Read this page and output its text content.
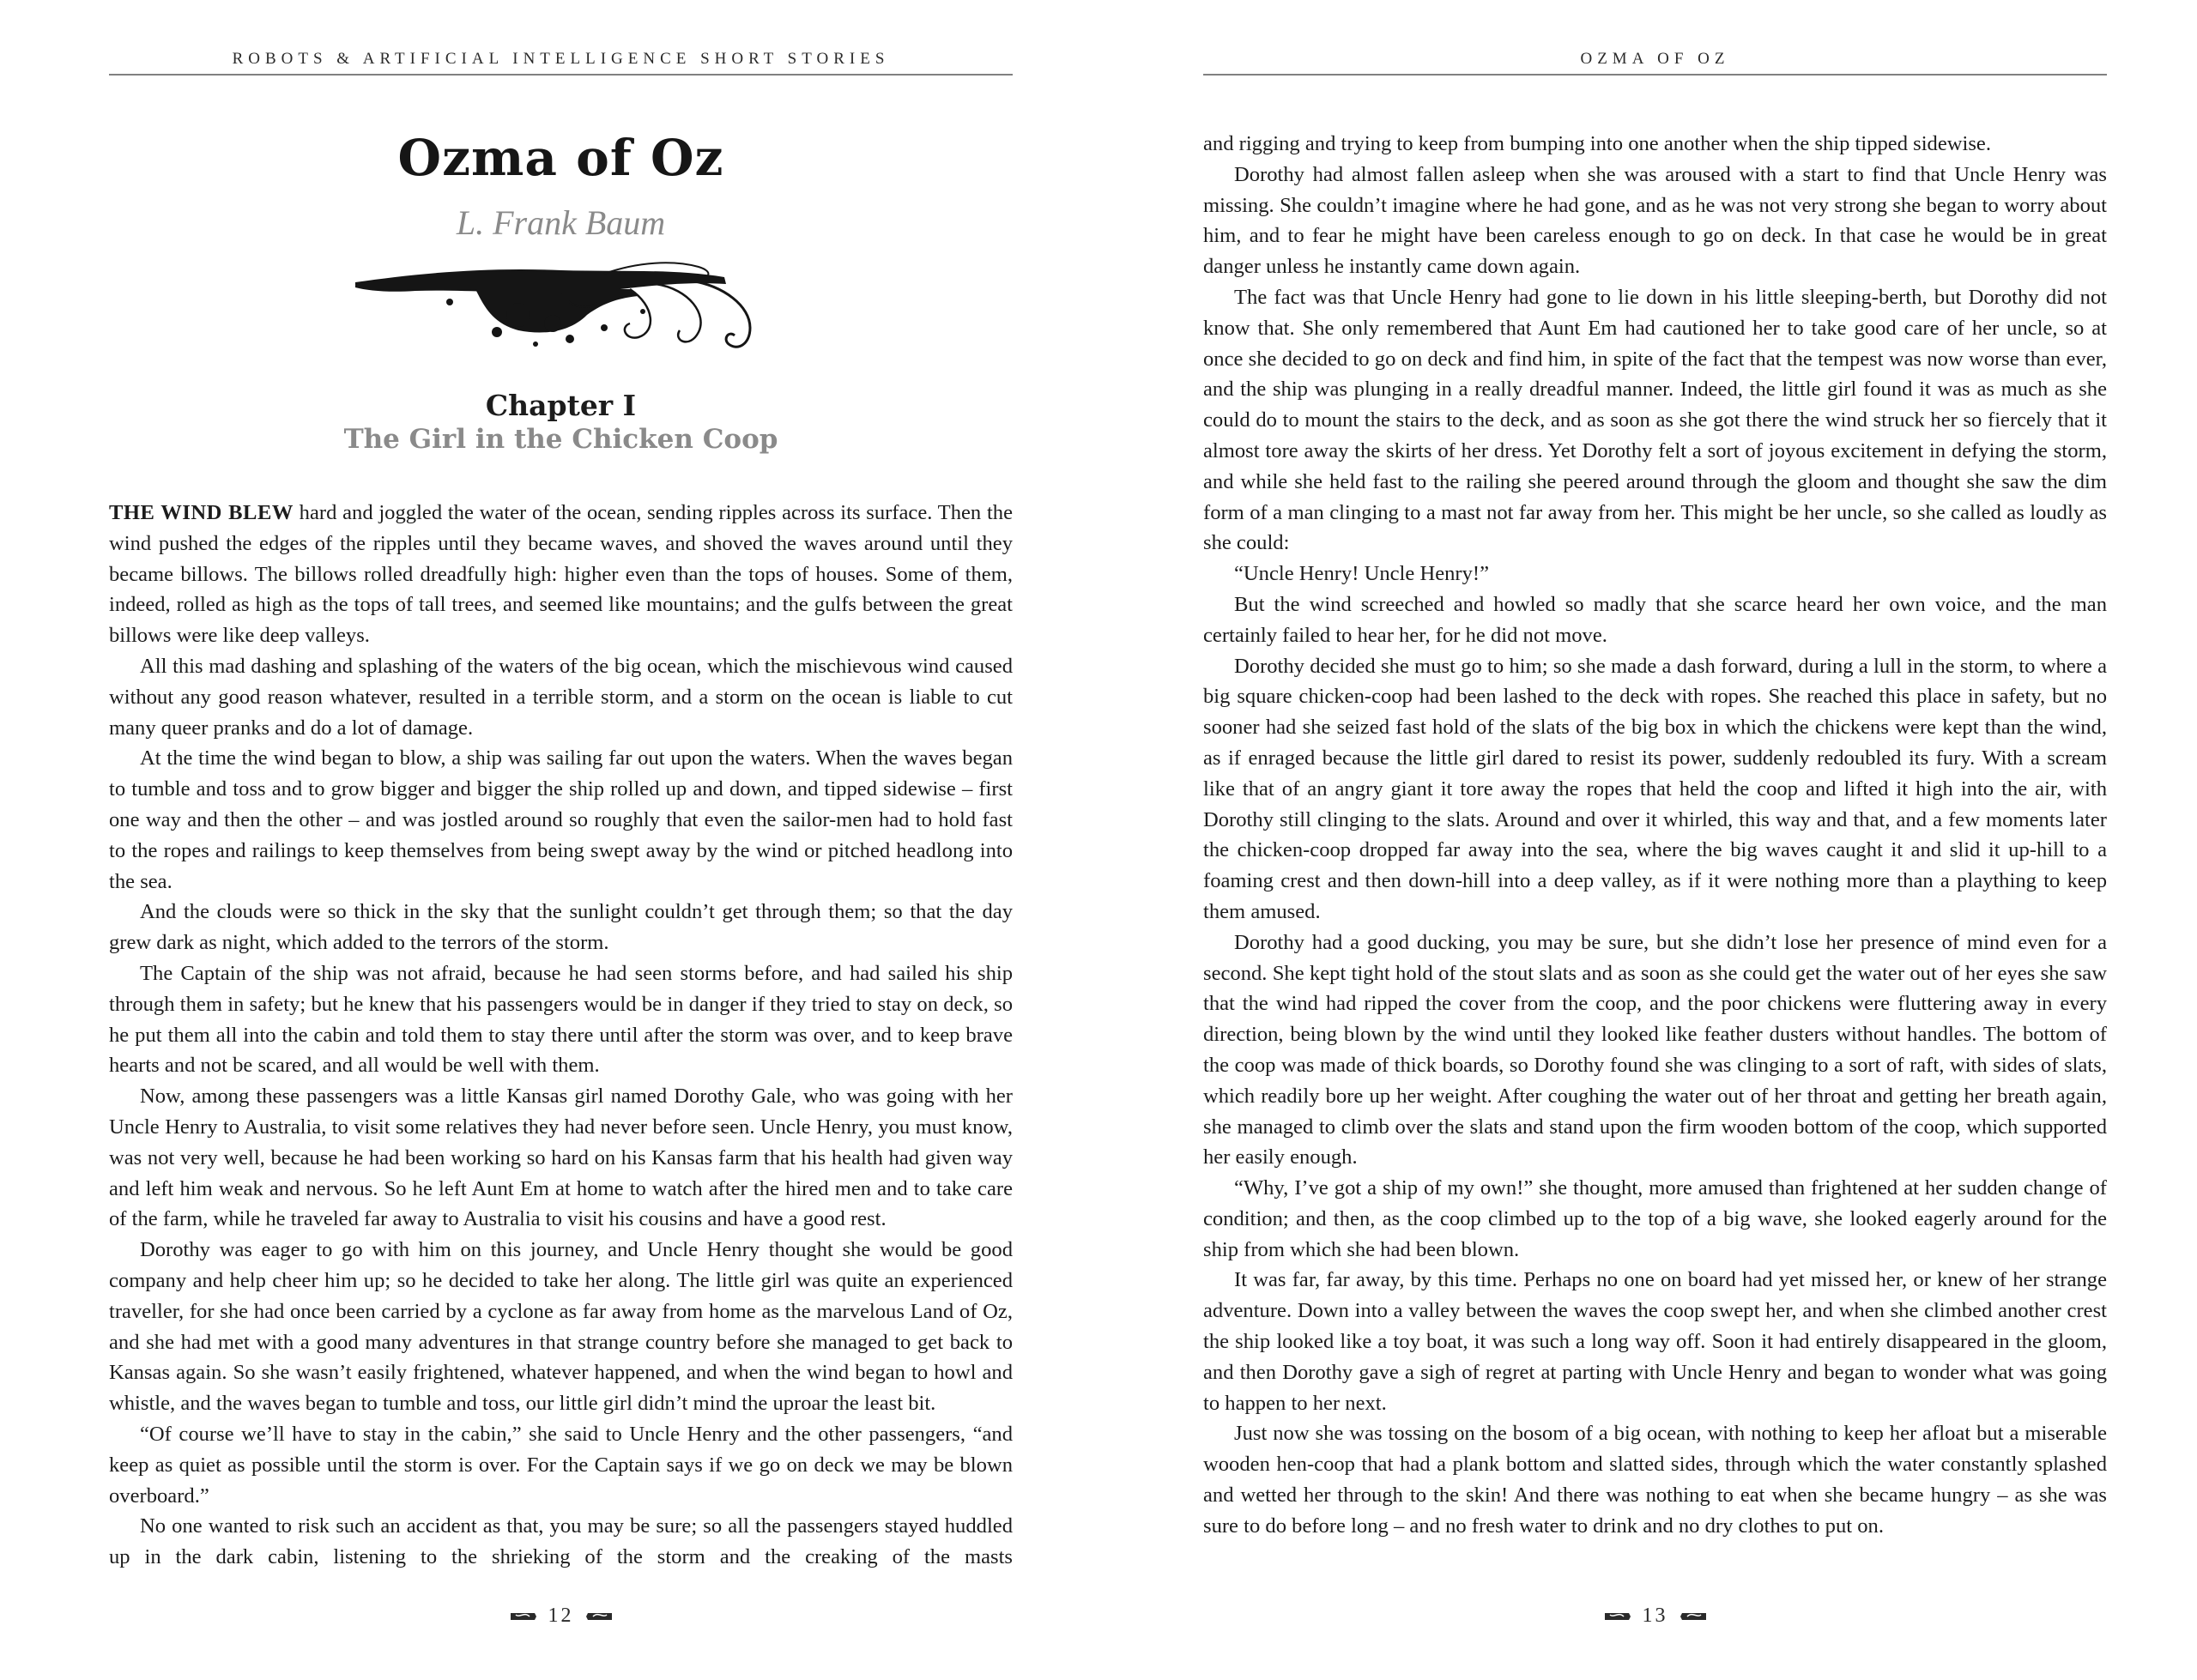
ROBOTS & ARTIFICIAL INTELLIGENCE SHORT STORIES
Ozma of Oz
L. Frank Baum
Chapter I
The Girl in the Chicken Coop

THE WIND BLEW hard and joggled the water of the ocean, sending ripples across its surface. Then the wind pushed the edges of the ripples until they became waves, and shoved the waves around until they became billows. The billows rolled dreadfully high: higher even than the tops of houses. Some of them, indeed, rolled as high as the tops of tall trees, and seemed like mountains; and the gulfs between the great billows were like deep valleys.

All this mad dashing and splashing of the waters of the big ocean, which the mischievous wind caused without any good reason whatever, resulted in a terrible storm, and a storm on the ocean is liable to cut many queer pranks and do a lot of damage.

At the time the wind began to blow, a ship was sailing far out upon the waters. When the waves began to tumble and toss and to grow bigger and bigger the ship rolled up and down, and tipped sidewise – first one way and then the other – and was jostled around so roughly that even the sailor-men had to hold fast to the ropes and railings to keep themselves from being swept away by the wind or pitched headlong into the sea.

And the clouds were so thick in the sky that the sunlight couldn’t get through them; so that the day grew dark as night, which added to the terrors of the storm.

The Captain of the ship was not afraid, because he had seen storms before, and had sailed his ship through them in safety; but he knew that his passengers would be in danger if they tried to stay on deck, so he put them all into the cabin and told them to stay there until after the storm was over, and to keep brave hearts and not be scared, and all would be well with them.

Now, among these passengers was a little Kansas girl named Dorothy Gale, who was going with her Uncle Henry to Australia, to visit some relatives they had never before seen. Uncle Henry, you must know, was not very well, because he had been working so hard on his Kansas farm that his health had given way and left him weak and nervous. So he left Aunt Em at home to watch after the hired men and to take care of the farm, while he traveled far away to Australia to visit his cousins and have a good rest.

Dorothy was eager to go with him on this journey, and Uncle Henry thought she would be good company and help cheer him up; so he decided to take her along. The little girl was quite an experienced traveller, for she had once been carried by a cyclone as far away from home as the marvelous Land of Oz, and she had met with a good many adventures in that strange country before she managed to get back to Kansas again. So she wasn’t easily frightened, whatever happened, and when the wind began to howl and whistle, and the waves began to tumble and toss, our little girl didn’t mind the uproar the least bit.

“Of course we’ll have to stay in the cabin,” she said to Uncle Henry and the other passengers, “and keep as quiet as possible until the storm is over. For the Captain says if we go on deck we may be blown overboard.”

No one wanted to risk such an accident as that, you may be sure; so all the passengers stayed huddled up in the dark cabin, listening to the shrieking of the storm and the creaking of the masts

12
OZMA OF OZ

and rigging and trying to keep from bumping into one another when the ship tipped sidewise.

Dorothy had almost fallen asleep when she was aroused with a start to find that Uncle Henry was missing. She couldn’t imagine where he had gone, and as he was not very strong she began to worry about him, and to fear he might have been careless enough to go on deck. In that case he would be in great danger unless he instantly came down again.

The fact was that Uncle Henry had gone to lie down in his little sleeping-berth, but Dorothy did not know that. She only remembered that Aunt Em had cautioned her to take good care of her uncle, so at once she decided to go on deck and find him, in spite of the fact that the tempest was now worse than ever, and the ship was plunging in a really dreadful manner. Indeed, the little girl found it was as much as she could do to mount the stairs to the deck, and as soon as she got there the wind struck her so fiercely that it almost tore away the skirts of her dress. Yet Dorothy felt a sort of joyous excitement in defying the storm, and while she held fast to the railing she peered around through the gloom and thought she saw the dim form of a man clinging to a mast not far away from her. This might be her uncle, so she called as loudly as she could:

“Uncle Henry! Uncle Henry!”

But the wind screeched and howled so madly that she scarce heard her own voice, and the man certainly failed to hear her, for he did not move.

Dorothy decided she must go to him; so she made a dash forward, during a lull in the storm, to where a big square chicken-coop had been lashed to the deck with ropes. She reached this place in safety, but no sooner had she seized fast hold of the slats of the big box in which the chickens were kept than the wind, as if enraged because the little girl dared to resist its power, suddenly redoubled its fury. With a scream like that of an angry giant it tore away the ropes that held the coop and lifted it high into the air, with Dorothy still clinging to the slats. Around and over it whirled, this way and that, and a few moments later the chicken-coop dropped far away into the sea, where the big waves caught it and slid it up-hill to a foaming crest and then down-hill into a deep valley, as if it were nothing more than a plaything to keep them amused.

Dorothy had a good ducking, you may be sure, but she didn’t lose her presence of mind even for a second. She kept tight hold of the stout slats and as soon as she could get the water out of her eyes she saw that the wind had ripped the cover from the coop, and the poor chickens were fluttering away in every direction, being blown by the wind until they looked like feather dusters without handles. The bottom of the coop was made of thick boards, so Dorothy found she was clinging to a sort of raft, with sides of slats, which readily bore up her weight. After coughing the water out of her throat and getting her breath again, she managed to climb over the slats and stand upon the firm wooden bottom of the coop, which supported her easily enough.

“Why, I’ve got a ship of my own!” she thought, more amused than frightened at her sudden change of condition; and then, as the coop climbed up to the top of a big wave, she looked eagerly around for the ship from which she had been blown.

It was far, far away, by this time. Perhaps no one on board had yet missed her, or knew of her strange adventure. Down into a valley between the waves the coop swept her, and when she climbed another crest the ship looked like a toy boat, it was such a long way off. Soon it had entirely disappeared in the gloom, and then Dorothy gave a sigh of regret at parting with Uncle Henry and began to wonder what was going to happen to her next.

Just now she was tossing on the bosom of a big ocean, with nothing to keep her afloat but a miserable wooden hen-coop that had a plank bottom and slatted sides, through which the water constantly splashed and wetted her through to the skin! And there was nothing to eat when she became hungry – as she was sure to do before long – and no fresh water to drink and no dry clothes to put on.

13
